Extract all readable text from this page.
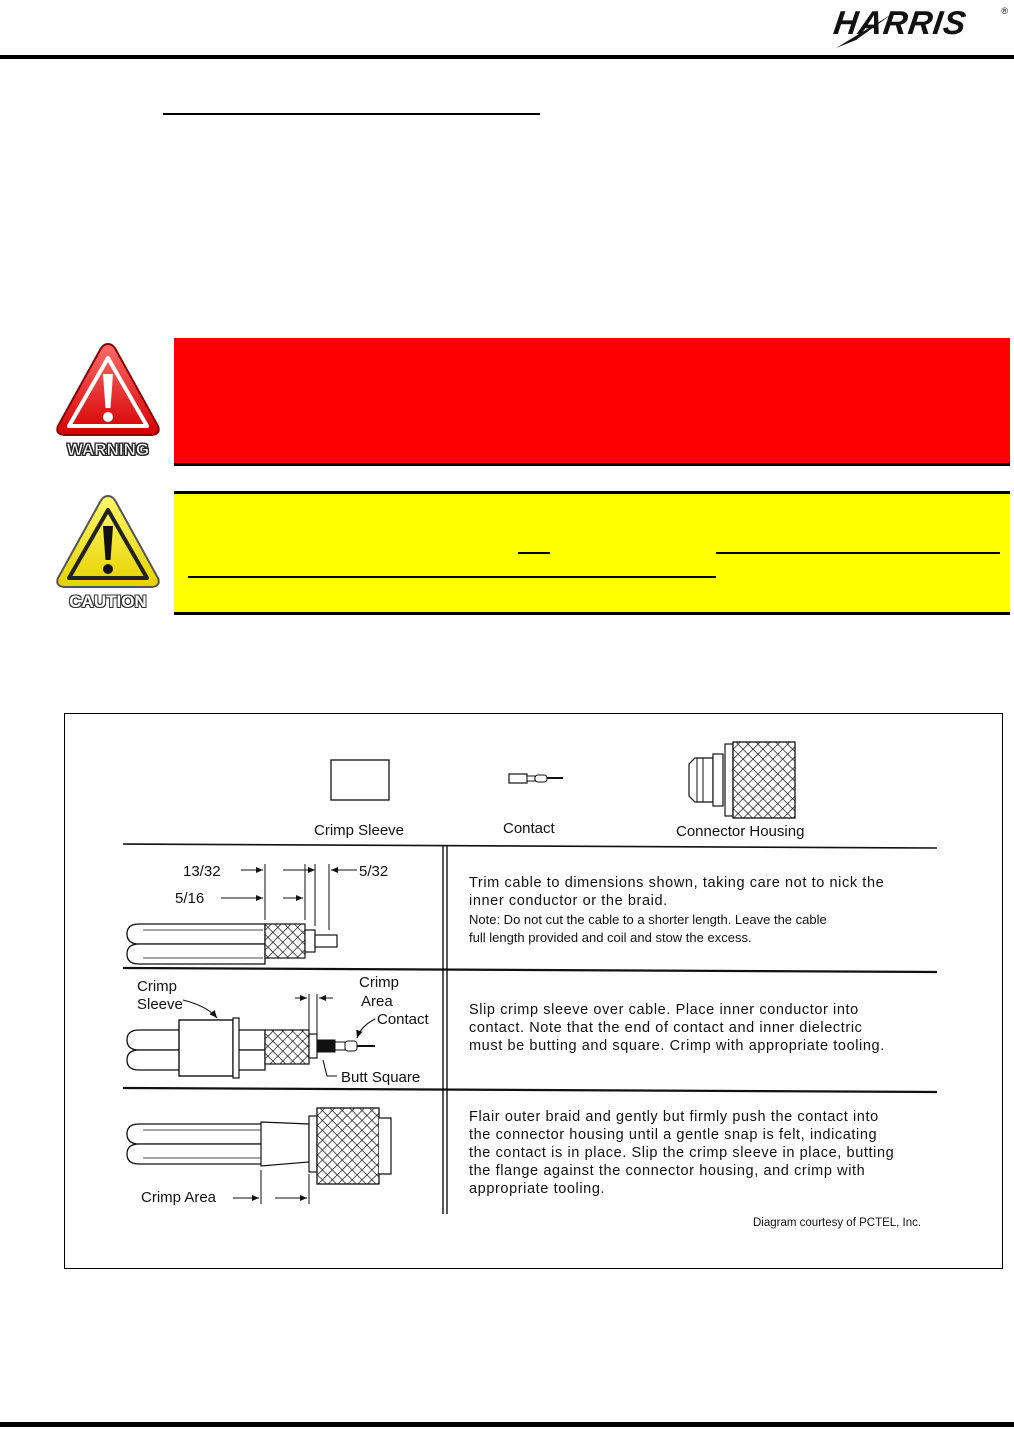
HARRIS	®
WARNING
CAUTION
Crimp Sleeve	Contact	Connector Housing
13/32	5/32
5/16
Trim cable to dimensions shown, taking care not to nick the
inner conductor or the braid.
Note: Do not cut the cable to a shorter length. Leave the cable
full length provided and coil and stow the excess.
Crimp
Sleeve
Crimp
Area
Contact
Butt Square
Slip crimp sleeve over cable. Place inner conductor into
contact. Note that the end of contact and inner dielectric
must be butting and square. Crimp with appropriate tooling.
Crimp Area
Flair outer braid and gently but firmly push the contact into
the connector housing until a gentle snap is felt, indicating
the contact is in place. Slip the crimp sleeve in place, butting
the flange against the connector housing, and crimp with
appropriate tooling.
Diagram courtesy of PCTEL, Inc.
